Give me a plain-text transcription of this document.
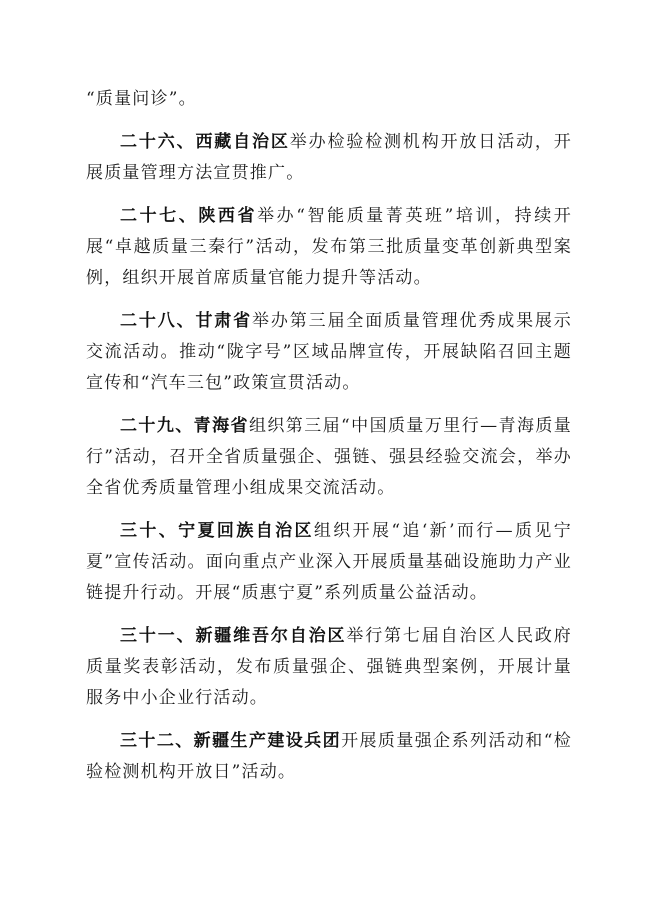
“质量问诊”。

二十六、西藏自治区举办检验检测机构开放日活动，开展质量管理方法宣贯推广。

二十七、陕西省举办“智能质量菁英班”培训，持续开展“卓越质量三秦行”活动，发布第三批质量变革创新典型案例，组织开展首席质量官能力提升等活动。

二十八、甘肃省举办第三届全面质量管理优秀成果展示交流活动。推动“陇字号”区域品牌宣传，开展缺陷召回主题宣传和“汽车三包”政策宣贯活动。

二十九、青海省组织第三届“中国质量万里行—青海质量行”活动，召开全省质量强企、强链、强县经验交流会，举办全省优秀质量管理小组成果交流活动。

三十、宁夏回族自治区组织开展“追‘新’而行—质见宁夏”宣传活动。面向重点产业深入开展质量基础设施助力产业链提升行动。开展“质惠宁夏”系列质量公益活动。

三十一、新疆维吾尔自治区举行第七届自治区人民政府质量奖表彰活动，发布质量强企、强链典型案例，开展计量服务中小企业行活动。

三十二、新疆生产建设兵团开展质量强企系列活动和“检验检测机构开放日”活动。
